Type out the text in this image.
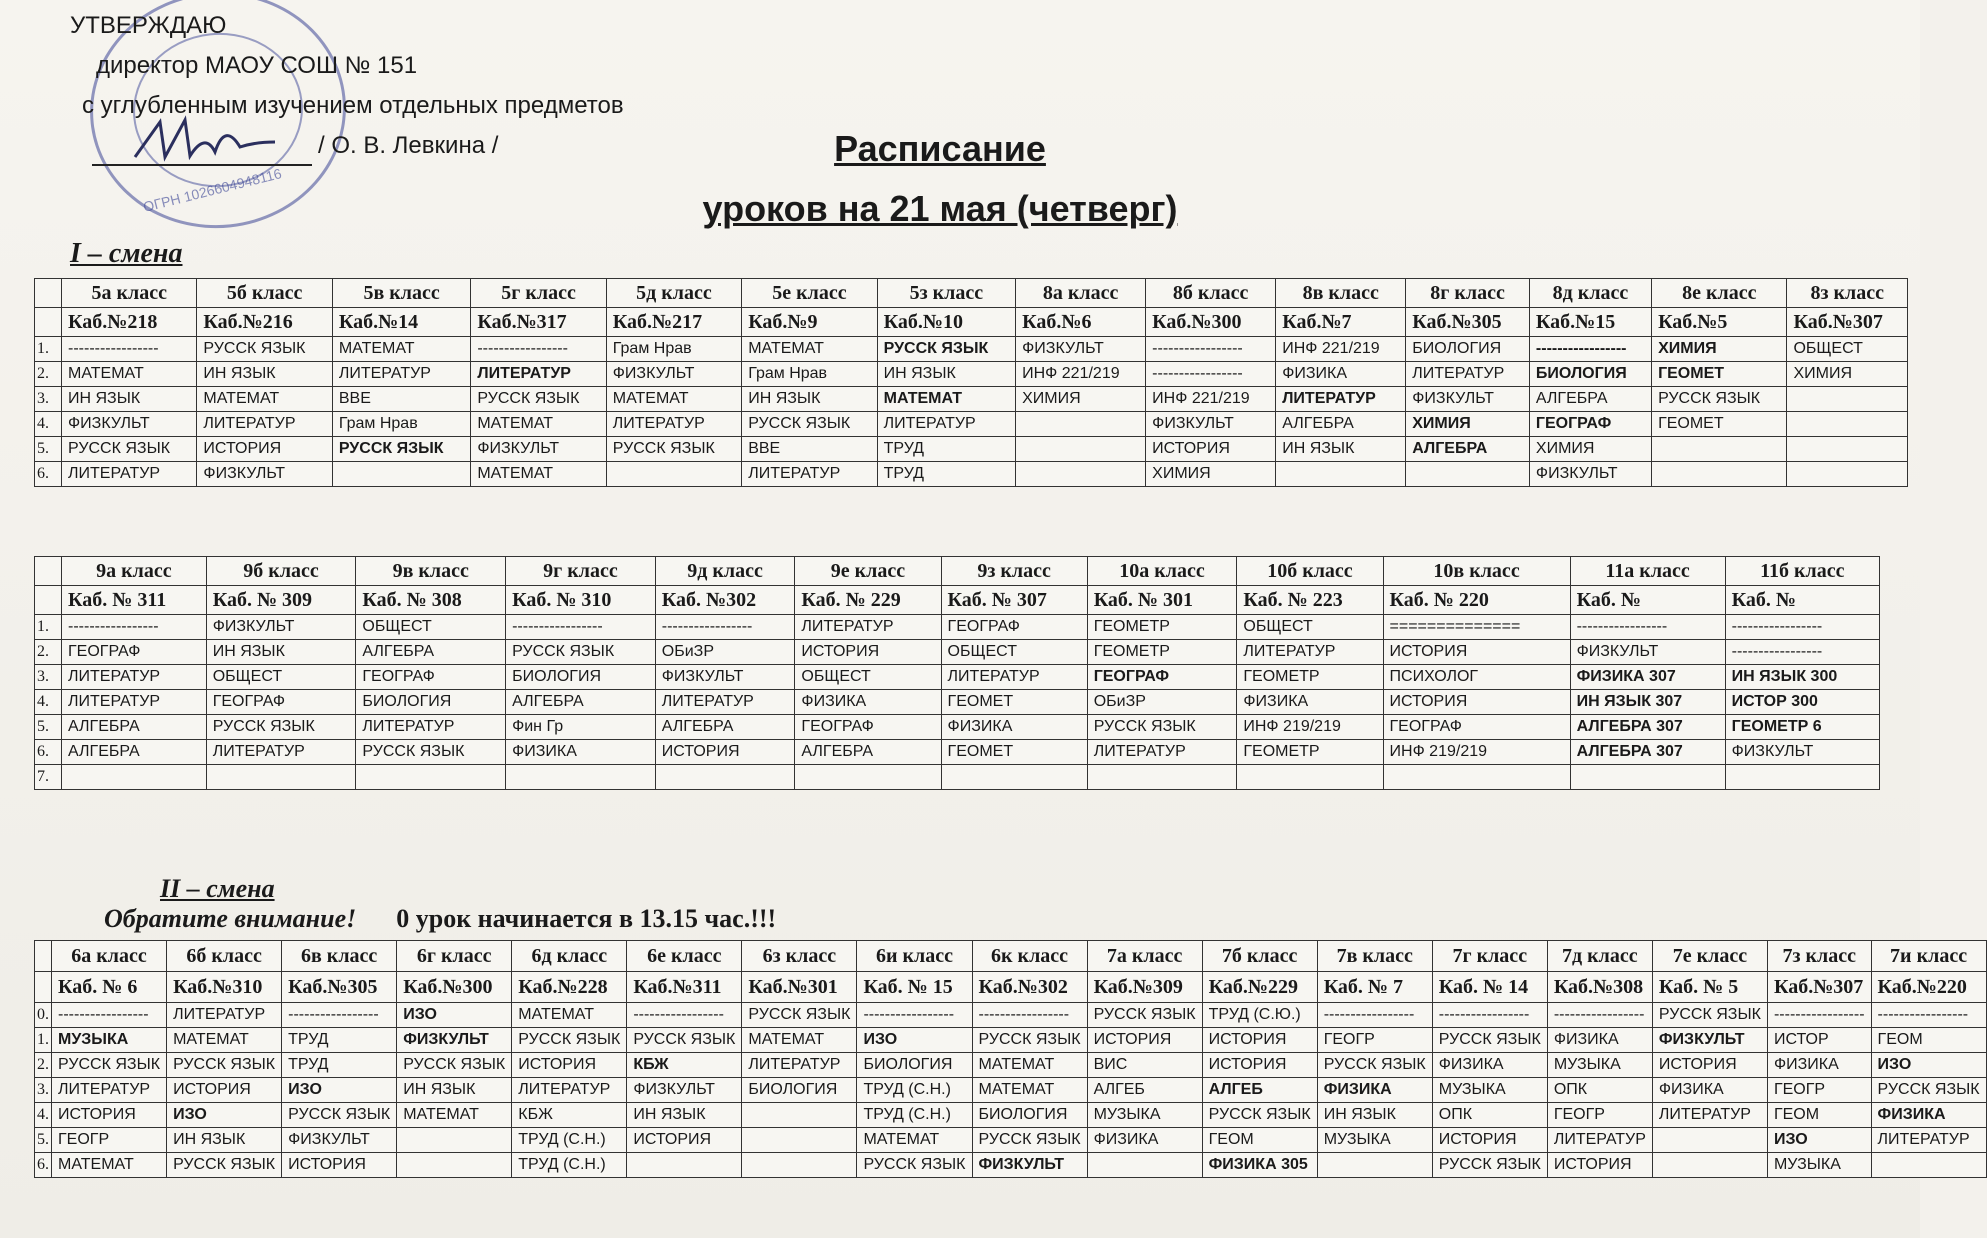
ОГРН 1026604948116
УТВЕРЖДАЮ
директор МАОУ СОШ № 151
с углубленным изучением отдельных предметов
/ О. В. Левкина /	Расписание
уроков на 21 мая (четверг)
I – смена
	5а класс	5б класс	5в класс	5г класс	5д класс	5е класс	5з класс	8а класс	8б класс	8в класс	8г класс	8д класс	8е класс	8з класс
	Каб.№218	Каб.№216	Каб.№14	Каб.№317	Каб.№217	Каб.№9	Каб.№10	Каб.№6	Каб.№300	Каб.№7	Каб.№305	Каб.№15	Каб.№5	Каб.№307
1.	-----------------	РУССК ЯЗЫК	МАТЕМАТ	-----------------	Грам Нрав	МАТЕМАТ	РУССК ЯЗЫК	ФИЗКУЛЬТ	-----------------	ИНФ 221/219	БИОЛОГИЯ	-----------------	ХИМИЯ	ОБЩЕСТ
2.	МАТЕМАТ	ИН ЯЗЫК	ЛИТЕРАТУР	ЛИТЕРАТУР	ФИЗКУЛЬТ	Грам Нрав	ИН ЯЗЫК	ИНФ 221/219	-----------------	ФИЗИКА	ЛИТЕРАТУР	БИОЛОГИЯ	ГЕОМЕТ	ХИМИЯ
3.	ИН ЯЗЫК	МАТЕМАТ	ВВЕ	РУССК ЯЗЫК	МАТЕМАТ	ИН ЯЗЫК	МАТЕМАТ	ХИМИЯ	ИНФ 221/219	ЛИТЕРАТУР	ФИЗКУЛЬТ	АЛГЕБРА	РУССК ЯЗЫК	
4.	ФИЗКУЛЬТ	ЛИТЕРАТУР	Грам Нрав	МАТЕМАТ	ЛИТЕРАТУР	РУССК ЯЗЫК	ЛИТЕРАТУР		ФИЗКУЛЬТ	АЛГЕБРА	ХИМИЯ	ГЕОГРАФ	ГЕОМЕТ	
5.	РУССК ЯЗЫК	ИСТОРИЯ	РУССК ЯЗЫК	ФИЗКУЛЬТ	РУССК ЯЗЫК	ВВЕ	ТРУД		ИСТОРИЯ	ИН ЯЗЫК	АЛГЕБРА	ХИМИЯ		
6.	ЛИТЕРАТУР	ФИЗКУЛЬТ		МАТЕМАТ		ЛИТЕРАТУР	ТРУД		ХИМИЯ			ФИЗКУЛЬТ		
	9а класс	9б класс	9в класс	9г класс	9д класс	9е класс	9з класс	10а класс	10б класс	10в класс	11а класс	11б класс
	Каб. № 311	Каб. № 309	Каб. № 308	Каб. № 310	Каб. №302	Каб. № 229	Каб. № 307	Каб. № 301	Каб. № 223	Каб. № 220	Каб. №	Каб. №
1.	-----------------	ФИЗКУЛЬТ	ОБЩЕСТ	-----------------	-----------------	ЛИТЕРАТУР	ГЕОГРАФ	ГЕОМЕТР	ОБЩЕСТ	==============	-----------------	-----------------
2.	ГЕОГРАФ	ИН ЯЗЫК	АЛГЕБРА	РУССК ЯЗЫК	ОБиЗР	ИСТОРИЯ	ОБЩЕСТ	ГЕОМЕТР	ЛИТЕРАТУР	ИСТОРИЯ	ФИЗКУЛЬТ	-----------------
3.	ЛИТЕРАТУР	ОБЩЕСТ	ГЕОГРАФ	БИОЛОГИЯ	ФИЗКУЛЬТ	ОБЩЕСТ	ЛИТЕРАТУР	ГЕОГРАФ	ГЕОМЕТР	ПСИХОЛОГ	ФИЗИКА 307	ИН ЯЗЫК 300
4.	ЛИТЕРАТУР	ГЕОГРАФ	БИОЛОГИЯ	АЛГЕБРА	ЛИТЕРАТУР	ФИЗИКА	ГЕОМЕТ	ОБиЗР	ФИЗИКА	ИСТОРИЯ	ИН ЯЗЫК 307	ИСТОР 300
5.	АЛГЕБРА	РУССК ЯЗЫК	ЛИТЕРАТУР	Фин Гр	АЛГЕБРА	ГЕОГРАФ	ФИЗИКА	РУССК ЯЗЫК	ИНФ 219/219	ГЕОГРАФ	АЛГЕБРА 307	ГЕОМЕТР 6
6.	АЛГЕБРА	ЛИТЕРАТУР	РУССК ЯЗЫК	ФИЗИКА	ИСТОРИЯ	АЛГЕБРА	ГЕОМЕТ	ЛИТЕРАТУР	ГЕОМЕТР	ИНФ 219/219	АЛГЕБРА 307	ФИЗКУЛЬТ
7.												
II – смена
Обратите внимание! 0 урок начинается в 13.15 час.!!!
	6а класс	6б класс	6в класс	6г класс	6д класс	6е класс	6з класс	6и класс	6к класс	7а класс	7б класс	7в класс	7г класс	7д класс	7е класс	7з класс	7и класс
	Каб. № 6	Каб.№310	Каб.№305	Каб.№300	Каб.№228	Каб.№311	Каб.№301	Каб. № 15	Каб.№302	Каб.№309	Каб.№229	Каб. № 7	Каб. № 14	Каб.№308	Каб. № 5	Каб.№307	Каб.№220
0.	-----------------	ЛИТЕРАТУР	-----------------	ИЗО	МАТЕМАТ	-----------------	РУССК ЯЗЫК	-----------------	-----------------	РУССК ЯЗЫК	ТРУД (С.Ю.)	-----------------	-----------------	-----------------	РУССК ЯЗЫК	-----------------	-----------------
1.	МУЗЫКА	МАТЕМАТ	ТРУД	ФИЗКУЛЬТ	РУССК ЯЗЫК	РУССК ЯЗЫК	МАТЕМАТ	ИЗО	РУССК ЯЗЫК	ИСТОРИЯ	ИСТОРИЯ	ГЕОГР	РУССК ЯЗЫК	ФИЗИКА	ФИЗКУЛЬТ	ИСТОР	ГЕОМ
2.	РУССК ЯЗЫК	РУССК ЯЗЫК	ТРУД	РУССК ЯЗЫК	ИСТОРИЯ	КБЖ	ЛИТЕРАТУР	БИОЛОГИЯ	МАТЕМАТ	ВИС	ИСТОРИЯ	РУССК ЯЗЫК	ФИЗИКА	МУЗЫКА	ИСТОРИЯ	ФИЗИКА	ИЗО
3.	ЛИТЕРАТУР	ИСТОРИЯ	ИЗО	ИН ЯЗЫК	ЛИТЕРАТУР	ФИЗКУЛЬТ	БИОЛОГИЯ	ТРУД (С.Н.)	МАТЕМАТ	АЛГЕБ	АЛГЕБ	ФИЗИКА	МУЗЫКА	ОПК	ФИЗИКА	ГЕОГР	РУССК ЯЗЫК
4.	ИСТОРИЯ	ИЗО	РУССК ЯЗЫК	МАТЕМАТ	КБЖ	ИН ЯЗЫК		ТРУД (С.Н.)	БИОЛОГИЯ	МУЗЫКА	РУССК ЯЗЫК	ИН ЯЗЫК	ОПК	ГЕОГР	ЛИТЕРАТУР	ГЕОМ	ФИЗИКА
5.	ГЕОГР	ИН ЯЗЫК	ФИЗКУЛЬТ		ТРУД (С.Н.)	ИСТОРИЯ		МАТЕМАТ	РУССК ЯЗЫК	ФИЗИКА	ГЕОМ	МУЗЫКА	ИСТОРИЯ	ЛИТЕРАТУР		ИЗО	ЛИТЕРАТУР
6.	МАТЕМАТ	РУССК ЯЗЫК	ИСТОРИЯ		ТРУД (С.Н.)			РУССК ЯЗЫК	ФИЗКУЛЬТ		ФИЗИКА 305		РУССК ЯЗЫК	ИСТОРИЯ		МУЗЫКА	
